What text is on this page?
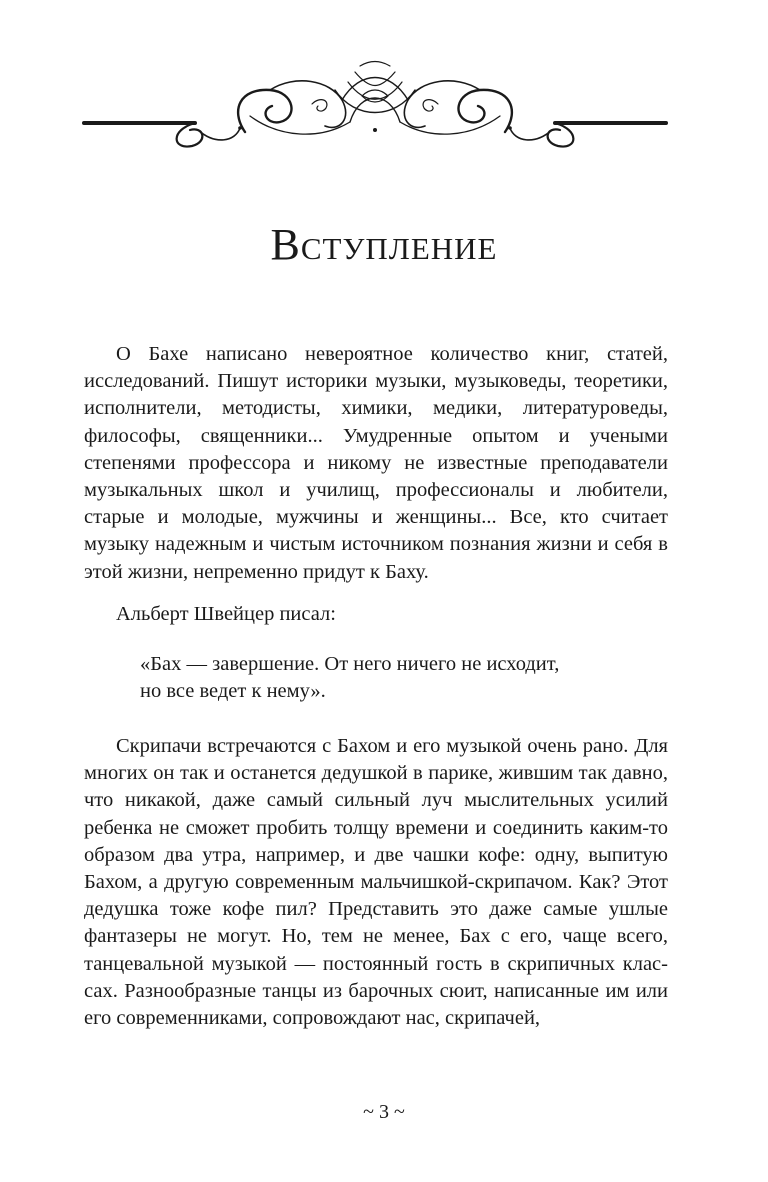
Вступление

О Бахе написано невероятное количество книг, статей, исследований. Пишут историки музыки, музыковеды, теоретики, исполнители, методисты, химики, медики, литературоведы, философы, священники... Умудренные опытом и учеными степенями профессора и никому не известные преподаватели музыкальных школ и училищ, профессионалы и любители, старые и молодые, мужчины и женщины... Все, кто считает музыку надежным и чистым источником познания жизни и себя в этой жизни, непременно придут к Баху.

Альберт Швейцер писал:

«Бах — завершение. От него ничего не исходит,
но все ведет к нему».

Скрипачи встречаются с Бахом и его музыкой очень рано. Для многих он так и останется дедушкой в парике, жившим так давно, что никакой, даже самый сильный луч мыслительных усилий ребенка не сможет пробить толщу времени и соединить каким-то образом два утра, например, и две чашки кофе: одну, выпитую Бахом, а другую современным мальчишкой-скрипачом. Как? Этот дедушка тоже кофе пил? Представить это даже самые ушлые фантазеры не могут. Но, тем не менее, Бах с его, чаще всего, танцевальной музыкой — постоянный гость в скрипичных классах. Разнообразные танцы из барочных сюит, написанные им или его современниками, сопровождают нас, скрипачей,

~ 3 ~
